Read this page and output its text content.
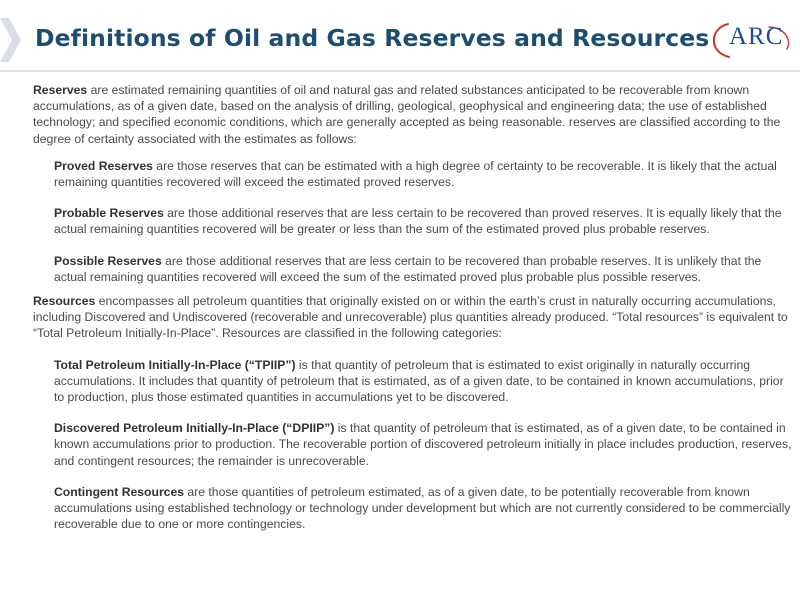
Definitions of Oil and Gas Reserves and Resources ARC

Reserves are estimated remaining quantities of oil and natural gas and related substances anticipated to be recoverable from known accumulations, as of a given date, based on the analysis of drilling, geological, geophysical and engineering data; the use of established technology; and specified economic conditions, which are generally accepted as being reasonable. reserves are classified according to the degree of certainty associated with the estimates as follows:

Proved Reserves are those reserves that can be estimated with a high degree of certainty to be recoverable. It is likely that the actual remaining quantities recovered will exceed the estimated proved reserves.

Probable Reserves are those additional reserves that are less certain to be recovered than proved reserves. It is equally likely that the actual remaining quantities recovered will be greater or less than the sum of the estimated proved plus probable reserves.

Possible Reserves are those additional reserves that are less certain to be recovered than probable reserves. It is unlikely that the actual remaining quantities recovered will exceed the sum of the estimated proved plus probable plus possible reserves.

Resources encompasses all petroleum quantities that originally existed on or within the earth’s crust in naturally occurring accumulations, including Discovered and Undiscovered (recoverable and unrecoverable) plus quantities already produced. “Total resources” is equivalent to “Total Petroleum Initially-In-Place”. Resources are classified in the following categories:

Total Petroleum Initially-In-Place (“TPIIP”) is that quantity of petroleum that is estimated to exist originally in naturally occurring accumulations. It includes that quantity of petroleum that is estimated, as of a given date, to be contained in known accumulations, prior to production, plus those estimated quantities in accumulations yet to be discovered.

Discovered Petroleum Initially-In-Place (“DPIIP”) is that quantity of petroleum that is estimated, as of a given date, to be contained in known accumulations prior to production. The recoverable portion of discovered petroleum initially in place includes production, reserves, and contingent resources; the remainder is unrecoverable.

Contingent Resources are those quantities of petroleum estimated, as of a given date, to be potentially recoverable from known accumulations using established technology or technology under development but which are not currently considered to be commercially recoverable due to one or more contingencies.
